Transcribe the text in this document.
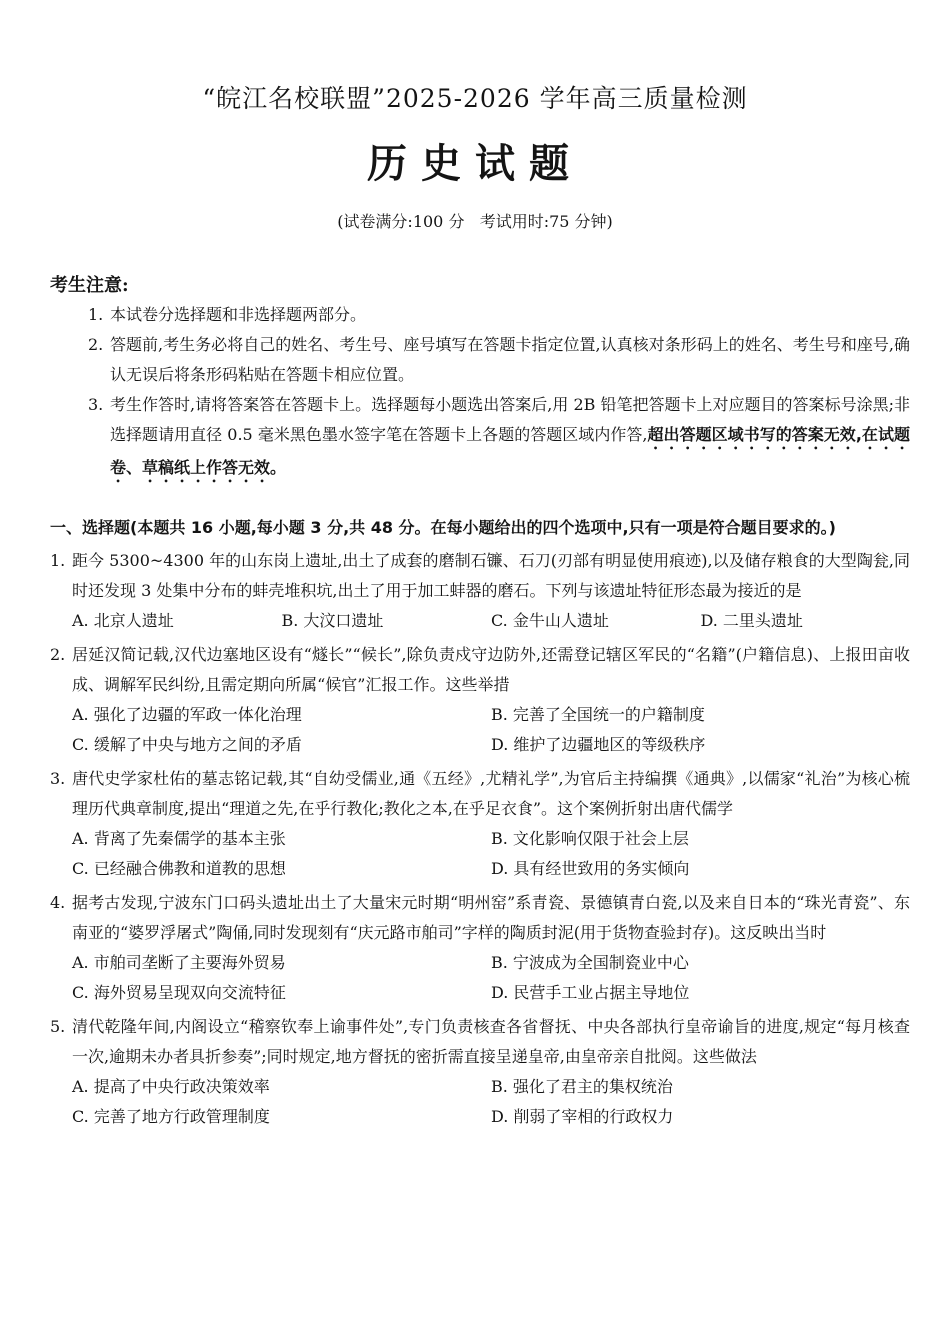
“皖江名校联盟”2025-2026 学年高三质量检测
历史试题
(试卷满分:100 分   考试用时:75 分钟)
考生注意:
1. 本试卷分选择题和非选择题两部分。
2. 答题前,考生务必将自己的姓名、考生号、座号填写在答题卡指定位置,认真核对条形码上的姓名、考生号和座号,确认无误后将条形码粘贴在答题卡相应位置。
3. 考生作答时,请将答案答在答题卡上。选择题每小题选出答案后,用 2B 铅笔把答题卡上对应题目的答案标号涂黑;非选择题请用直径 0.5 毫米黑色墨水签字笔在答题卡上各题的答题区域内作答,超出答题区域书写的答案无效,在试题卷、草稿纸上作答无效。
一、选择题(本题共 16 小题,每小题 3 分,共 48 分。在每小题给出的四个选项中,只有一项是符合题目要求的。)
1. 距今 5300~4300 年的山东岗上遗址,出土了成套的磨制石镰、石刀(刃部有明显使用痕迹),以及储存粮食的大型陶瓮,同时还发现 3 处集中分布的蚌壳堆积坑,出土了用于加工蚌器的磨石。下列与该遗址特征形态最为接近的是
A. 北京人遗址	B. 大汶口遗址	C. 金牛山人遗址	D. 二里头遗址
2. 居延汉简记载,汉代边塞地区设有“燧长”“候长”,除负责戍守边防外,还需登记辖区军民的“名籍”(户籍信息)、上报田亩收成、调解军民纠纷,且需定期向所属“候官”汇报工作。这些举措
A. 强化了边疆的军政一体化治理	B. 完善了全国统一的户籍制度
C. 缓解了中央与地方之间的矛盾	D. 维护了边疆地区的等级秩序
3. 唐代史学家杜佑的墓志铭记载,其“自幼受儒业,通《五经》,尤精礼学”,为官后主持编撰《通典》,以儒家“礼治”为核心梳理历代典章制度,提出“理道之先,在乎行教化;教化之本,在乎足衣食”。这个案例折射出唐代儒学
A. 背离了先秦儒学的基本主张	B. 文化影响仅限于社会上层
C. 已经融合佛教和道教的思想	D. 具有经世致用的务实倾向
4. 据考古发现,宁波东门口码头遗址出土了大量宋元时期“明州窑”系青瓷、景德镇青白瓷,以及来自日本的“珠光青瓷”、东南亚的“婆罗浮屠式”陶俑,同时发现刻有“庆元路市舶司”字样的陶质封泥(用于货物查验封存)。这反映出当时
A. 市舶司垄断了主要海外贸易	B. 宁波成为全国制瓷业中心
C. 海外贸易呈现双向交流特征	D. 民营手工业占据主导地位
5. 清代乾隆年间,内阁设立“稽察钦奉上谕事件处”,专门负责核查各省督抚、中央各部执行皇帝谕旨的进度,规定“每月核查一次,逾期未办者具折参奏”;同时规定,地方督抚的密折需直接呈递皇帝,由皇帝亲自批阅。这些做法
A. 提高了中央行政决策效率	B. 强化了君主的集权统治
C. 完善了地方行政管理制度	D. 削弱了宰相的行政权力
